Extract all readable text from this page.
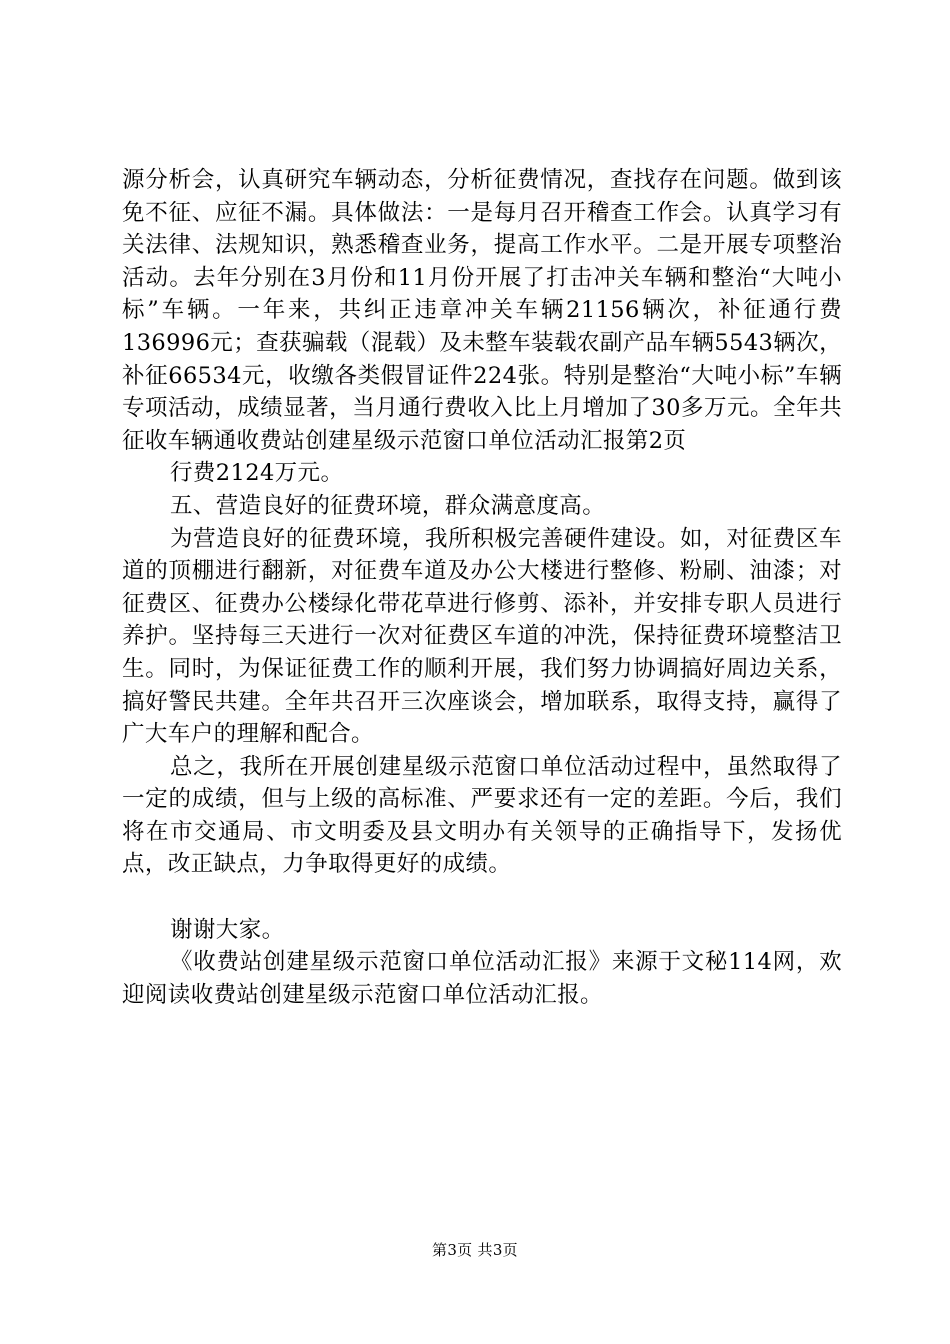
源分析会，认真研究车辆动态，分析征费情况，查找存在问题。做到该免不征、应征不漏。具体做法：一是每月召开稽查工作会。认真学习有关法律、法规知识，熟悉稽查业务，提高工作水平。二是开展专项整治活动。去年分别在3月份和11月份开展了打击冲关车辆和整治“大吨小标”车辆。一年来，共纠正违章冲关车辆21156辆次，补征通行费136996元；查获骗载（混载）及未整车装载农副产品车辆5543辆次，补征66534元，收缴各类假冒证件224张。特别是整治“大吨小标”车辆专项活动，成绩显著，当月通行费收入比上月增加了30多万元。全年共征收车辆通收费站创建星级示范窗口单位活动汇报第2页

行费2124万元。

五、营造良好的征费环境，群众满意度高。

为营造良好的征费环境，我所积极完善硬件建设。如，对征费区车道的顶棚进行翻新，对征费车道及办公大楼进行整修、粉刷、油漆；对征费区、征费办公楼绿化带花草进行修剪、添补，并安排专职人员进行养护。坚持每三天进行一次对征费区车道的冲洗，保持征费环境整洁卫生。同时，为保证征费工作的顺利开展，我们努力协调搞好周边关系，搞好警民共建。全年共召开三次座谈会，增加联系，取得支持，赢得了广大车户的理解和配合。

总之，我所在开展创建星级示范窗口单位活动过程中，虽然取得了一定的成绩，但与上级的高标准、严要求还有一定的差距。今后，我们将在市交通局、市文明委及县文明办有关领导的正确指导下，发扬优点，改正缺点，力争取得更好的成绩。

谢谢大家。

《收费站创建星级示范窗口单位活动汇报》来源于文秘114网，欢迎阅读收费站创建星级示范窗口单位活动汇报。

第3页 共3页
